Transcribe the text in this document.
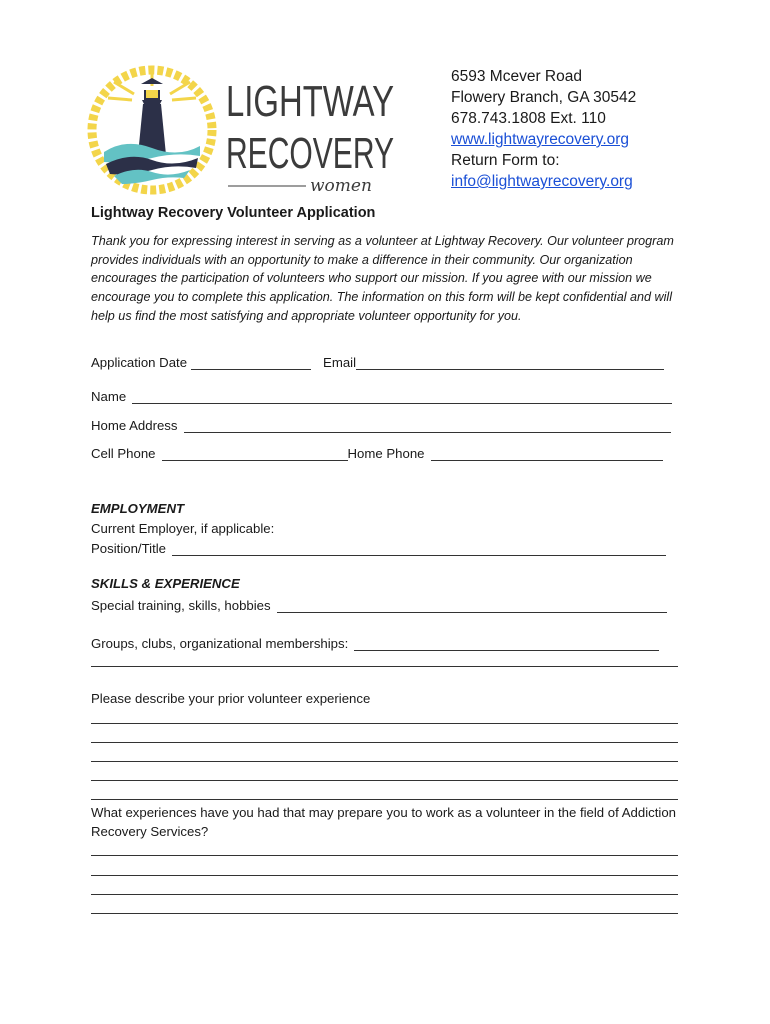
LIGHTWAY
RECOVERY
women
6593 Mcever Road
Flowery Branch, GA 30542
678.743.1808 Ext. 110
www.lightwayrecovery.org
Return Form to:
info@lightwayrecovery.org
Lightway Recovery Volunteer Application
Thank you for expressing interest in serving as a volunteer at Lightway Recovery. Our volunteer program provides individuals with an opportunity to make a difference in their community. Our organization encourages the participation of volunteers who support our mission. If you agree with our mission we encourage you to complete this application. The information on this form will be kept confidential and will help us find the most satisfying and appropriate volunteer opportunity for you.
Application Date	Email
Name
Home Address
Cell Phone	Home Phone
EMPLOYMENT
Current Employer, if applicable:
Position/Title
SKILLS & EXPERIENCE
Special training, skills, hobbies
Groups, clubs, organizational memberships:
Please describe your prior volunteer experience
What experiences have you had that may prepare you to work as a volunteer in the field of Addiction Recovery Services?
